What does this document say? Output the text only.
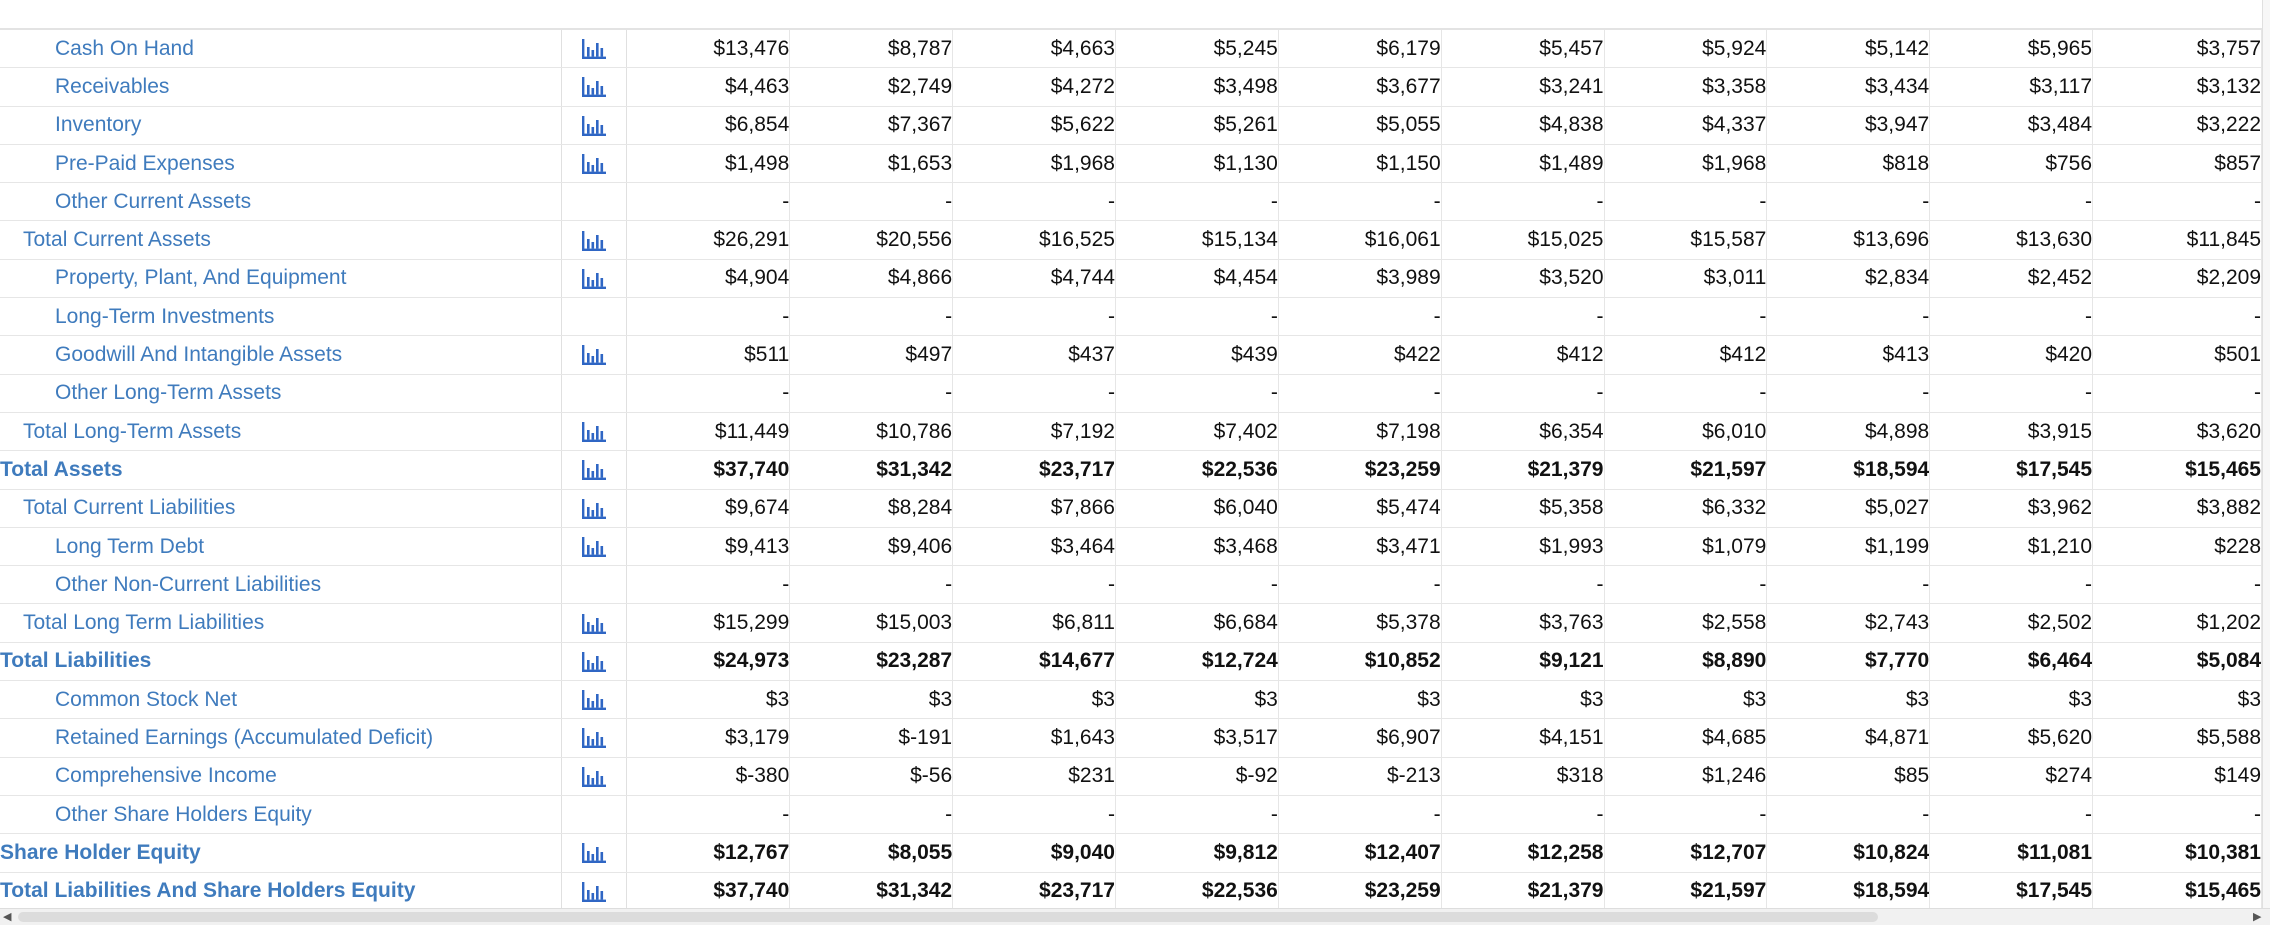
Cash On Hand		$13,476	$8,787	$4,663	$5,245	$6,179	$5,457	$5,924	$5,142	$5,965	$3,757
Receivables		$4,463	$2,749	$4,272	$3,498	$3,677	$3,241	$3,358	$3,434	$3,117	$3,132
Inventory		$6,854	$7,367	$5,622	$5,261	$5,055	$4,838	$4,337	$3,947	$3,484	$3,222
Pre-Paid Expenses		$1,498	$1,653	$1,968	$1,130	$1,150	$1,489	$1,968	$818	$756	$857
Other Current Assets		-	-	-	-	-	-	-	-	-	-
Total Current Assets		$26,291	$20,556	$16,525	$15,134	$16,061	$15,025	$15,587	$13,696	$13,630	$11,845
Property, Plant, And Equipment		$4,904	$4,866	$4,744	$4,454	$3,989	$3,520	$3,011	$2,834	$2,452	$2,209
Long-Term Investments		-	-	-	-	-	-	-	-	-	-
Goodwill And Intangible Assets		$511	$497	$437	$439	$422	$412	$412	$413	$420	$501
Other Long-Term Assets		-	-	-	-	-	-	-	-	-	-
Total Long-Term Assets		$11,449	$10,786	$7,192	$7,402	$7,198	$6,354	$6,010	$4,898	$3,915	$3,620
Total Assets		$37,740	$31,342	$23,717	$22,536	$23,259	$21,379	$21,597	$18,594	$17,545	$15,465
Total Current Liabilities		$9,674	$8,284	$7,866	$6,040	$5,474	$5,358	$6,332	$5,027	$3,962	$3,882
Long Term Debt		$9,413	$9,406	$3,464	$3,468	$3,471	$1,993	$1,079	$1,199	$1,210	$228
Other Non-Current Liabilities		-	-	-	-	-	-	-	-	-	-
Total Long Term Liabilities		$15,299	$15,003	$6,811	$6,684	$5,378	$3,763	$2,558	$2,743	$2,502	$1,202
Total Liabilities		$24,973	$23,287	$14,677	$12,724	$10,852	$9,121	$8,890	$7,770	$6,464	$5,084
Common Stock Net		$3	$3	$3	$3	$3	$3	$3	$3	$3	$3
Retained Earnings (Accumulated Deficit)		$3,179	$-191	$1,643	$3,517	$6,907	$4,151	$4,685	$4,871	$5,620	$5,588
Comprehensive Income		$-380	$-56	$231	$-92	$-213	$318	$1,246	$85	$274	$149
Other Share Holders Equity		-	-	-	-	-	-	-	-	-	-
Share Holder Equity		$12,767	$8,055	$9,040	$9,812	$12,407	$12,258	$12,707	$10,824	$11,081	$10,381
Total Liabilities And Share Holders Equity		$37,740	$31,342	$23,717	$22,536	$23,259	$21,379	$21,597	$18,594	$17,545	$15,465
◀	▶
